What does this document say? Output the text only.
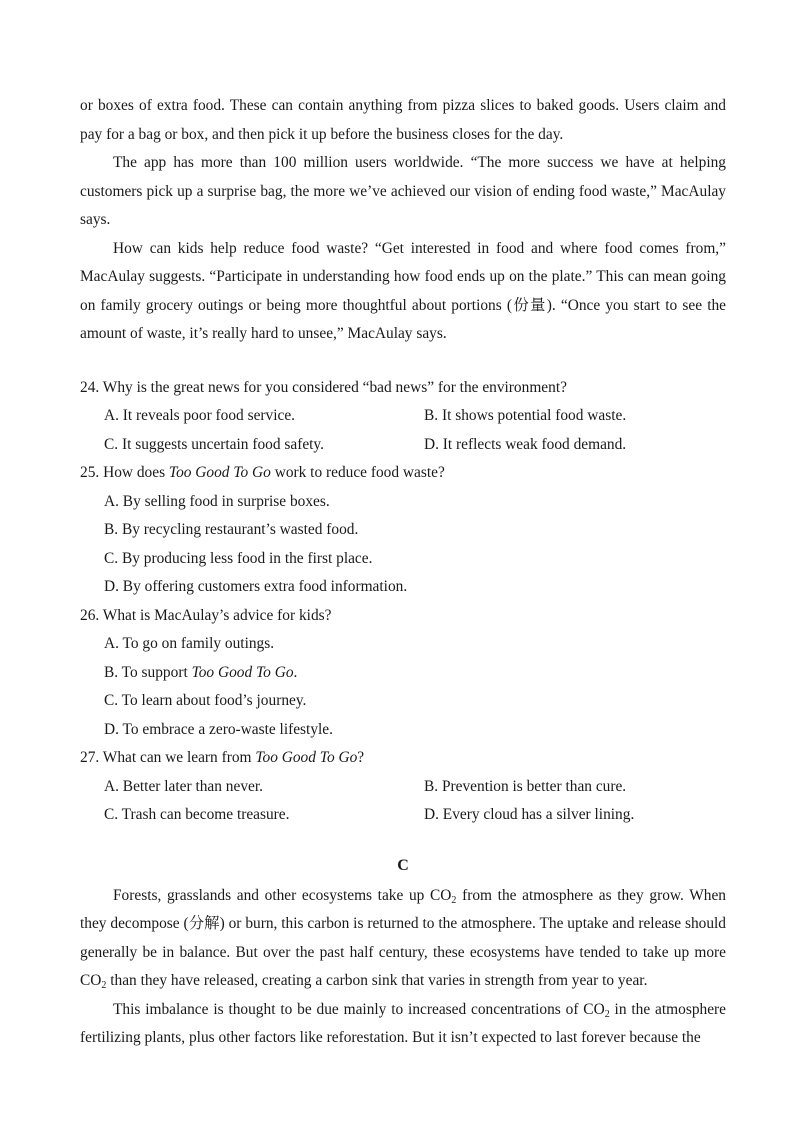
or boxes of extra food. These can contain anything from pizza slices to baked goods. Users claim and pay for a bag or box, and then pick it up before the business closes for the day.

The app has more than 100 million users worldwide. “The more success we have at helping customers pick up a surprise bag, the more we’ve achieved our vision of ending food waste,” MacAulay says.

How can kids help reduce food waste? “Get interested in food and where food comes from,” MacAulay suggests. “Participate in understanding how food ends up on the plate.” This can mean going on family grocery outings or being more thoughtful about portions (份量). “Once you start to see the amount of waste, it’s really hard to unsee,” MacAulay says.

24. Why is the great news for you considered “bad news” for the environment?
A. It reveals poor food service.	B. It shows potential food waste.
C. It suggests uncertain food safety.	D. It reflects weak food demand.
25. How does Too Good To Go work to reduce food waste?
A. By selling food in surprise boxes.
B. By recycling restaurant’s wasted food.
C. By producing less food in the first place.
D. By offering customers extra food information.
26. What is MacAulay’s advice for kids?
A. To go on family outings.
B. To support Too Good To Go.
C. To learn about food’s journey.
D. To embrace a zero-waste lifestyle.
27. What can we learn from Too Good To Go?
A. Better later than never.	B. Prevention is better than cure.
C. Trash can become treasure.	D. Every cloud has a silver lining.
C

Forests, grasslands and other ecosystems take up $CO_2$ from the atmosphere as they grow. When they decompose (分解) or burn, this carbon is returned to the atmosphere. The uptake and release should generally be in balance. But over the past half century, these ecosystems have tended to take up more $CO_2$ than they have released, creating a carbon sink that varies in strength from year to year.

This imbalance is thought to be due mainly to increased concentrations of $CO_2$ in the atmosphere fertilizing plants, plus other factors like reforestation. But it isn’t expected to last forever because the
